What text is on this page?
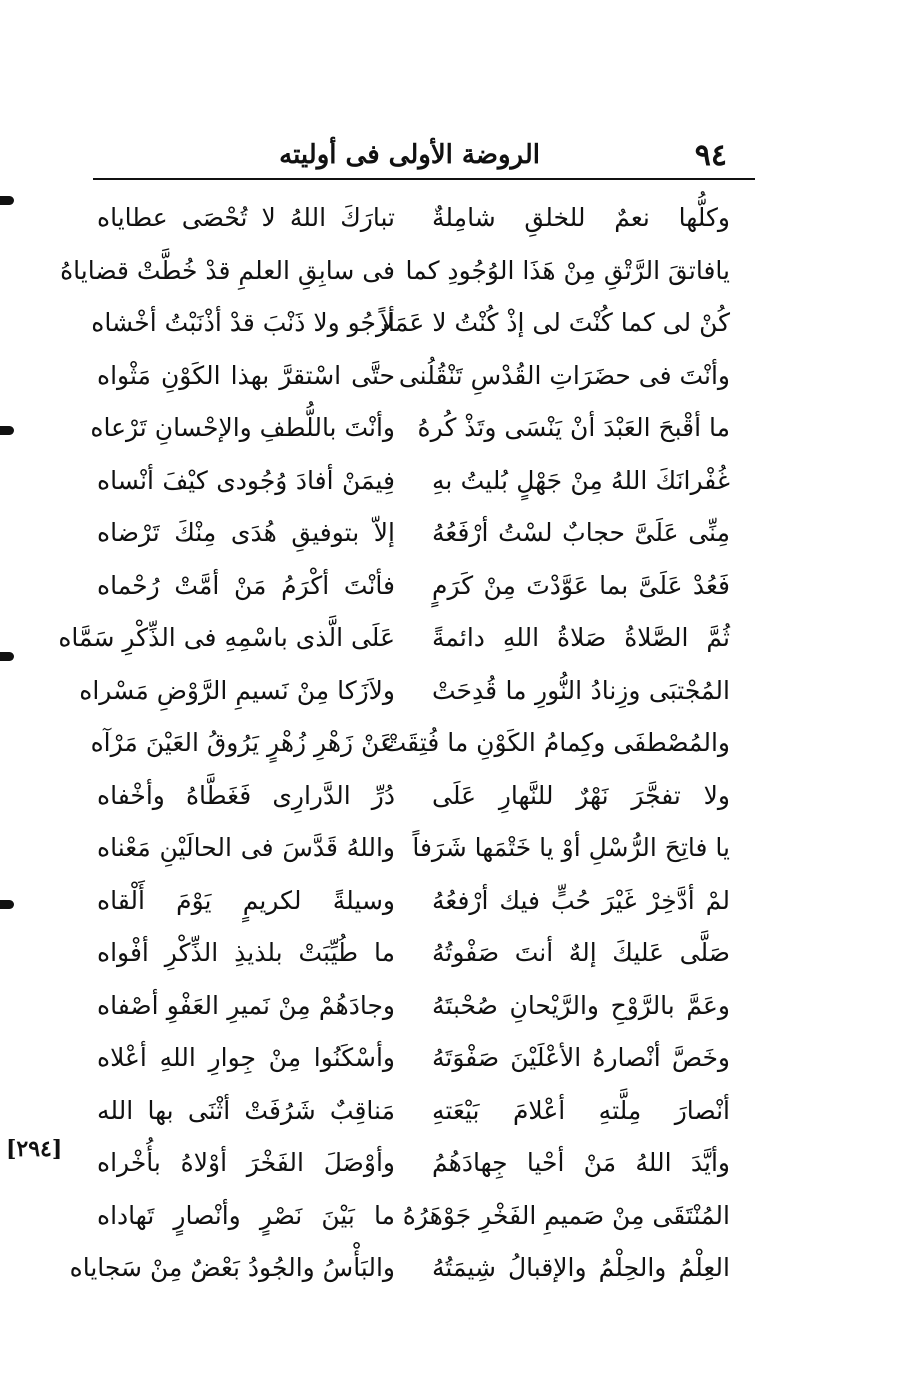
٩٤
الروضة الأولى فى أوليته
[٢٩٤]
وكلُّها نعمٌ للخلقِ شامِلةٌ
تبارَكَ اللهُ لا تُحْصَى عطاياه
يافاتقَ الرَّتْقِ مِنْ هَذَا الوُجُودِ كما
فى سابِقِ العلمِ قدْ خُطَّتْ قضاياهُ
كُنْ لى كما كُنْتَ لى إذْ كُنْتُ لا عَمَلاً
أرجُو ولا ذَنْبَ قدْ أذْنَبْتُ أخْشاه
وأنْتَ فى حضَرَاتِ القُدْسِ تَنْقُلُنى
حتَّى اسْتقرَّ بهذا الكَوْنِ مَثْواه
ما أقْبحَ العَبْدَ أنْ يَنْسَى وتَذْ كُرهُ
وأنْتَ باللُّطفِ والإحْسانِ تَرْعاه
غُفْرانَكَ اللهُ مِنْ جَهْلٍ بُليتُ بهِ
فِيمَنْ أفادَ وُجُودى كيْفَ أنْساه
مِنِّى عَلَىَّ حجابٌ لسْتُ أرْفَعُهُ
إلاّ بتوفيقِ هُدَى مِنْكَ تَرْضاه
فَعُدْ عَلَىَّ بما عَوَّدْتَ مِنْ كَرَمٍ
فأنْتَ أكْرَمُ مَنْ أمَّتْ رُحْماه
ثُمَّ الصَّلاةُ صَلاةُ اللهِ دائمةً
عَلَى الَّذى باسْمِهِ فى الذِّكْرِ سَمَّاه
المُجْتبَى وزِنادُ النُّورِ ما قُدِحَتْ
ولاَزَكا مِنْ نَسيمِ الرَّوْضِ مَسْراه
والمُصْطفَى وكِمامُ الكَوْنِ ما فُتِقَتْ
عَنْ زَهْرِ زُهْرٍ يَرُوقُ العَيْنَ مَرْآه
ولا تفجَّرَ نَهْرٌ للنَّهارِ عَلَى
دُرِّ الدَّرارِى فَغَطَّاهُ وأخْفاه
يا فاتِحَ الرُّسْلِ أوْ يا خَتْمَها شَرَفاً
واللهُ قَدَّسَ فى الحالَيْنِ مَعْناه
لمْ أدَّخِرْ غَيْرَ حُبٍّ فيك أرْفعُهُ
وسيلةً لكريمٍ يَوْمَ أَلْقاه
صَلَّى عَليكَ إلهٌ أنتَ صَفْوتُهُ
ما طُيِّبَتْ بلذيذِ الذِّكْرِ أفْواه
وعَمَّ بالرَّوْحِ والرَّيْحانِ صُحْبتَهُ
وجادَهُمْ مِنْ نَميرِ العَفْوِ أصْفاه
وخَصَّ أنْصارهُ الأعْلَيْنَ صَفْوَتَهُ
وأسْكَنُوا مِنْ جِوارِ اللهِ أعْلاه
أنْصارَ مِلَّتهِ أعْلامَ بَيْعَتهِ
مَناقِبٌ شَرُفَتْ أثْنَى بها الله
وأيَّدَ اللهُ مَنْ أحْيا جِهادَهُمُ
وأوْصَلَ الفَخْرَ أوْلاهُ بأُخْراه
المُنْتَقَى مِنْ صَميمِ الفَخْرِ جَوْهَرُهُ
ما بَيْنَ نَصْرٍ وأنْصارٍ تَهاداه
العِلْمُ والحِلْمُ والإقبالُ شِيمَتُهُ
والبَأْسُ والجُودُ بَعْضٌ مِنْ سَجاياه
